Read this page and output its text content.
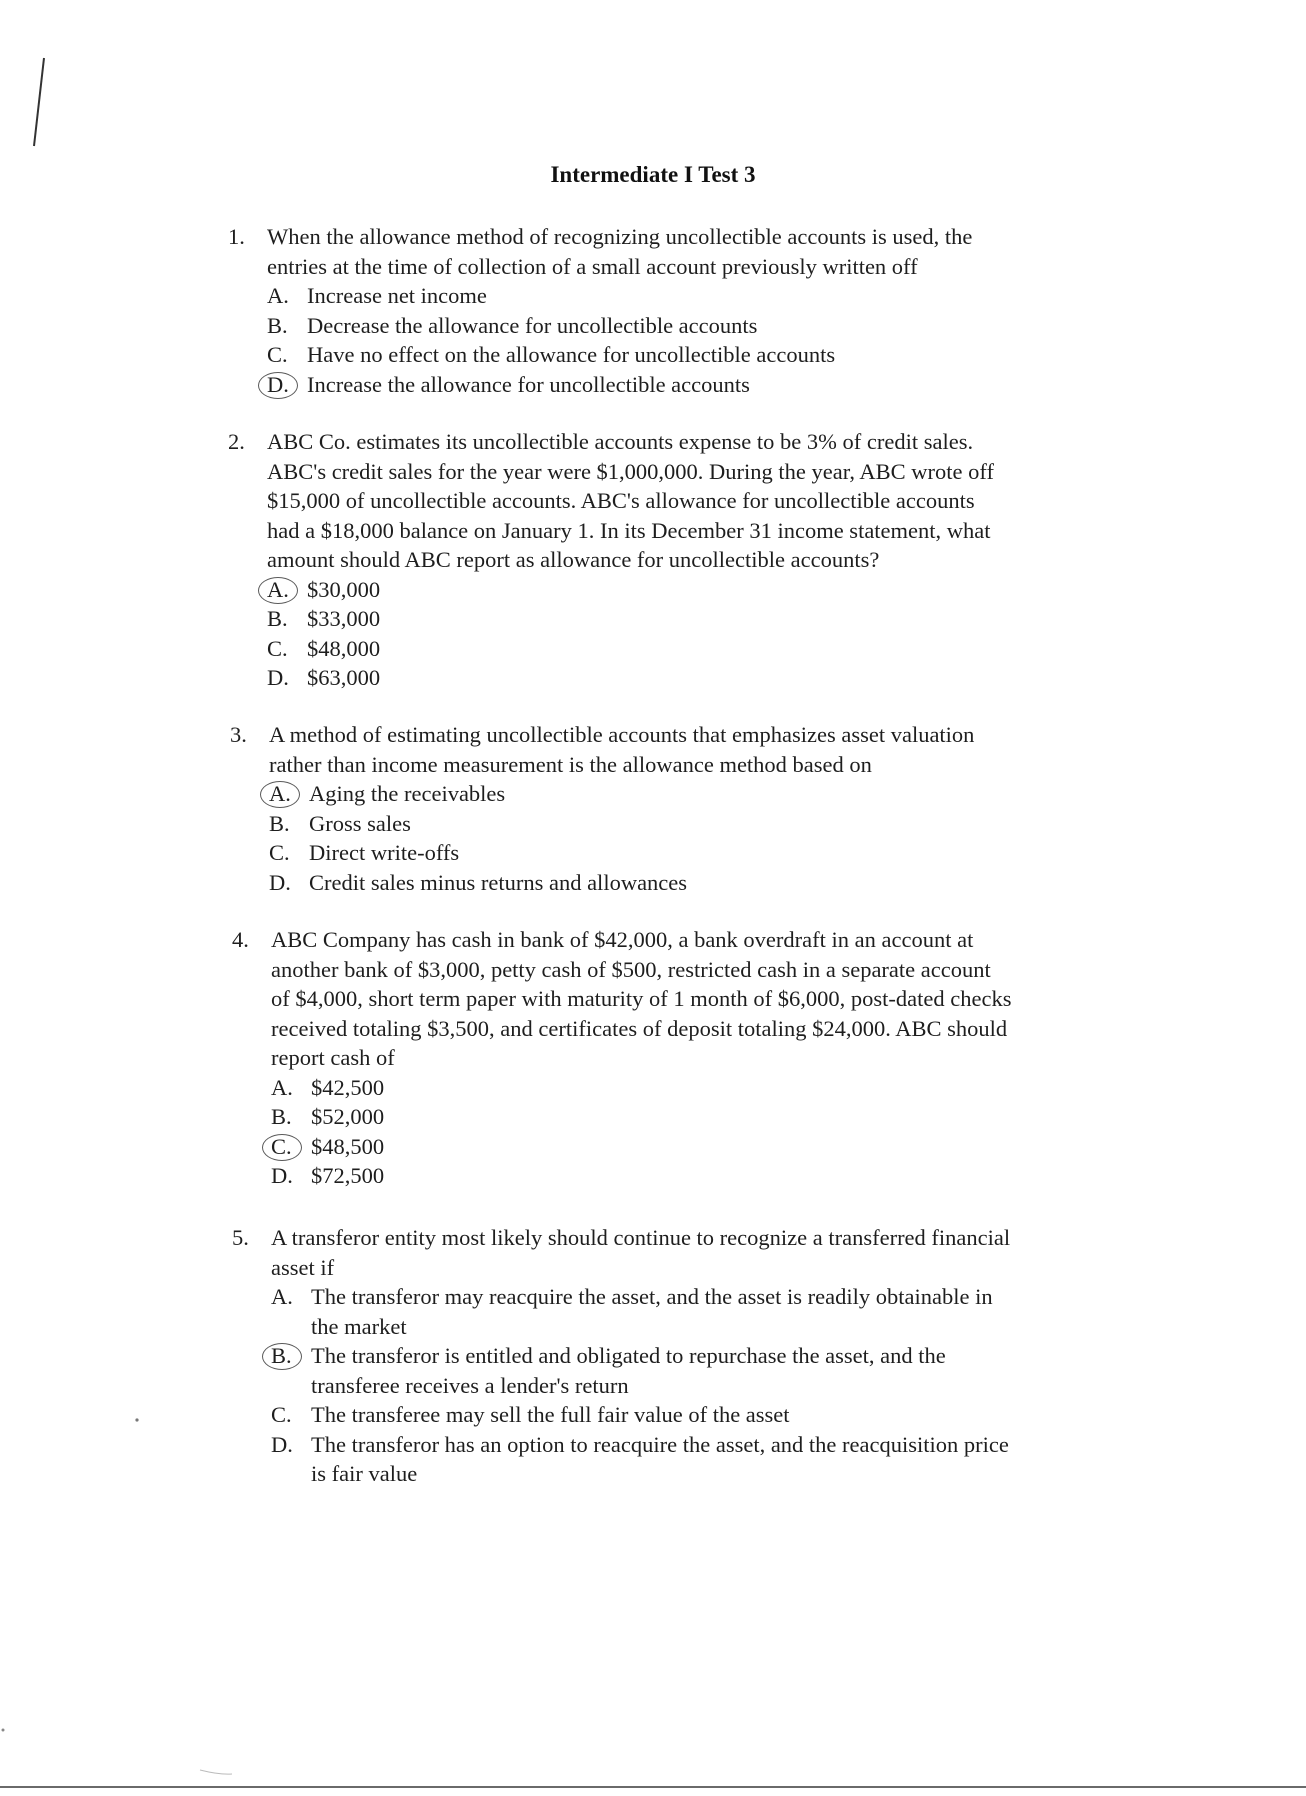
Intermediate I Test 3
1. When the allowance method of recognizing uncollectible accounts is used, the
entries at the time of collection of a small account previously written off
A. Increase net income
B. Decrease the allowance for uncollectible accounts
C. Have no effect on the allowance for uncollectible accounts
D. Increase the allowance for uncollectible accounts
2. ABC Co. estimates its uncollectible accounts expense to be 3% of credit sales.
ABC's credit sales for the year were $1,000,000. During the year, ABC wrote off
$15,000 of uncollectible accounts. ABC's allowance for uncollectible accounts
had a $18,000 balance on January 1. In its December 31 income statement, what
amount should ABC report as allowance for uncollectible accounts?
A. $30,000
B. $33,000
C. $48,000
D. $63,000
3. A method of estimating uncollectible accounts that emphasizes asset valuation
rather than income measurement is the allowance method based on
A. Aging the receivables
B. Gross sales
C. Direct write-offs
D. Credit sales minus returns and allowances
4. ABC Company has cash in bank of $42,000, a bank overdraft in an account at
another bank of $3,000, petty cash of $500, restricted cash in a separate account
of $4,000, short term paper with maturity of 1 month of $6,000, post-dated checks
received totaling $3,500, and certificates of deposit totaling $24,000. ABC should
report cash of
A. $42,500
B. $52,000
C. $48,500
D. $72,500
5. A transferor entity most likely should continue to recognize a transferred financial
asset if
A. The transferor may reacquire the asset, and the asset is readily obtainable in
the market
B. The transferor is entitled and obligated to repurchase the asset, and the
transferee receives a lender's return
C. The transferee may sell the full fair value of the asset
D. The transferor has an option to reacquire the asset, and the reacquisition price
is fair value
